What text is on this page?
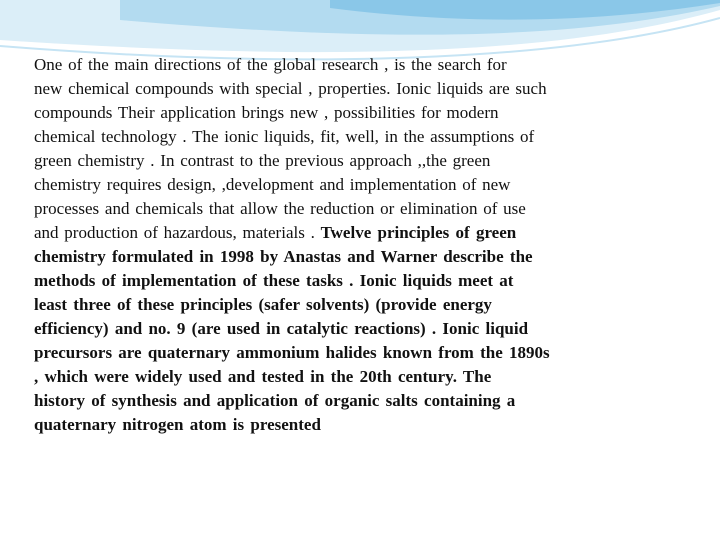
One of the main directions of the global research , is the search for
new chemical compounds with special , properties. Ionic liquids are such
compounds Their application brings new , possibilities for modern
chemical technology . The ionic liquids, fit, well, in the assumptions of
green chemistry . In contrast to the previous approach ,,the green
chemistry requires design, ,development and implementation of new
processes and chemicals that allow the reduction or elimination of use
and production of hazardous, materials . Twelve principles of green
chemistry formulated in 1998 by Anastas and Warner describe the
methods of implementation of these tasks . Ionic liquids meet at
least three of these principles (safer solvents) (provide energy
efficiency) and no. 9 (are used in catalytic reactions) . Ionic liquid
precursors are quaternary ammonium halides known from the 1890s
, which were widely used and tested in the 20th century. The
history of synthesis and application of organic salts containing a
quaternary nitrogen atom is presented
